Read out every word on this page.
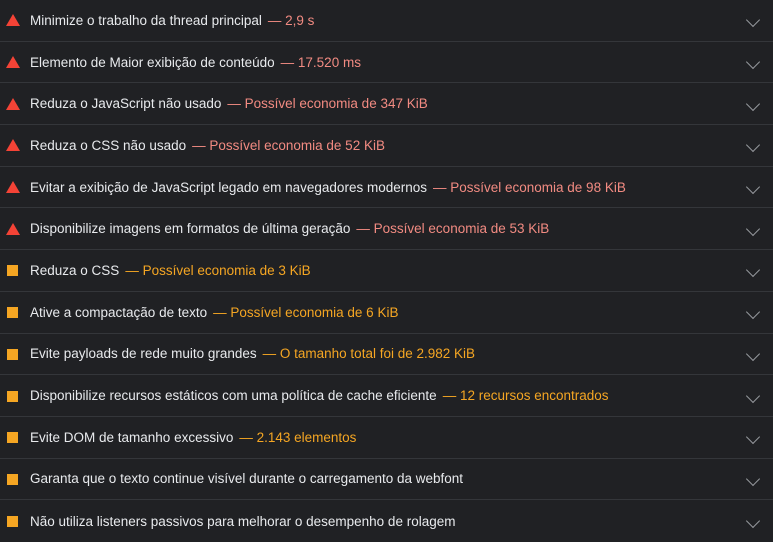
Minimize o trabalho da thread principal — 2,9 s
Elemento de Maior exibição de conteúdo — 17.520 ms
Reduza o JavaScript não usado — Possível economia de 347 KiB
Reduza o CSS não usado — Possível economia de 52 KiB
Evitar a exibição de JavaScript legado em navegadores modernos — Possível economia de 98 KiB
Disponibilize imagens em formatos de última geração — Possível economia de 53 KiB
Reduza o CSS — Possível economia de 3 KiB
Ative a compactação de texto — Possível economia de 6 KiB
Evite payloads de rede muito grandes — O tamanho total foi de 2.982 KiB
Disponibilize recursos estáticos com uma política de cache eficiente — 12 recursos encontrados
Evite DOM de tamanho excessivo — 2.143 elementos
Garanta que o texto continue visível durante o carregamento da webfont
Não utiliza listeners passivos para melhorar o desempenho de rolagem
